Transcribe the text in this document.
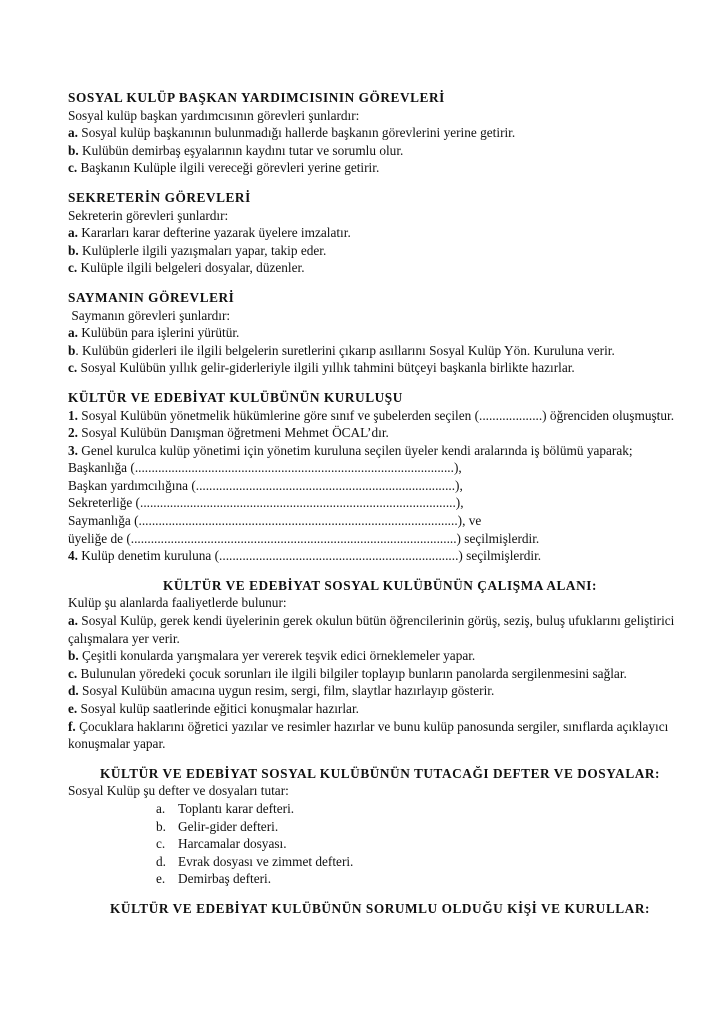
SOSYAL KULÜP BAŞKAN YARDIMCISININ GÖREVLERİ

Sosyal kulüp başkan yardımcısının görevleri şunlardır:

a. Sosyal kulüp başkanının bulunmadığı hallerde başkanın görevlerini yerine getirir.

b. Kulübün demirbaş eşyalarının kaydını tutar ve sorumlu olur.

c. Başkanın Kulüple ilgili vereceği görevleri yerine getirir.

SEKRETERİN GÖREVLERİ

Sekreterin görevleri şunlardır:

a. Kararları karar defterine yazarak üyelere imzalatır.

b. Kulüplerle ilgili yazışmaları yapar, takip eder.

c. Kulüple ilgili belgeleri dosyalar, düzenler.

SAYMANIN GÖREVLERİ

Saymanın görevleri şunlardır:

a. Kulübün para işlerini yürütür.

b. Kulübün giderleri ile ilgili belgelerin suretlerini çıkarıp asıllarını Sosyal Kulüp Yön. Kuruluna verir.

c. Sosyal Kulübün yıllık gelir-giderleriyle ilgili yıllık tahmini bütçeyi başkanla birlikte hazırlar.

KÜLTÜR VE EDEBİYAT KULÜBÜNÜN KURULUŞU

1. Sosyal Kulübün yönetmelik hükümlerine göre sınıf ve şubelerden seçilen (...................) öğrenciden oluşmuştur.

2. Sosyal Kulübün Danışman öğretmeni Mehmet ÖCAL’dır.

3. Genel kurulca kulüp yönetimi için yönetim kuruluna seçilen üyeler kendi aralarında iş bölümü yaparak;

Başkanlığa (................................................................................................),

Başkan yardımcılığına (..............................................................................),

Sekreterliğe (...............................................................................................),

Saymanlığa (................................................................................................), ve

üyeliğe de (..................................................................................................) seçilmişlerdir.

4. Kulüp denetim kuruluna (........................................................................) seçilmişlerdir.

KÜLTÜR VE EDEBİYAT SOSYAL KULÜBÜNÜN ÇALIŞMA ALANI:

Kulüp şu alanlarda faaliyetlerde bulunur:

a. Sosyal Kulüp, gerek kendi üyelerinin gerek okulun bütün öğrencilerinin görüş, seziş, buluş ufuklarını geliştirici çalışmalara yer verir.

b. Çeşitli konularda yarışmalara yer vererek teşvik edici örneklemeler yapar.

c. Bulunulan yöredeki çocuk sorunları ile ilgili bilgiler toplayıp bunların panolarda sergilenmesini sağlar.

d. Sosyal Kulübün amacına uygun resim, sergi, film, slaytlar hazırlayıp gösterir.

e. Sosyal kulüp saatlerinde eğitici konuşmalar hazırlar.

f. Çocuklara haklarını öğretici yazılar ve resimler hazırlar ve bunu kulüp panosunda sergiler, sınıflarda açıklayıcı konuşmalar yapar.

KÜLTÜR VE EDEBİYAT SOSYAL KULÜBÜNÜN TUTACAĞI DEFTER VE DOSYALAR:

Sosyal Kulüp şu defter ve dosyaları tutar:

a. Toplantı karar defteri.
b. Gelir-gider defteri.
c. Harcamalar dosyası.
d. Evrak dosyası ve zimmet defteri.
e. Demirbaş defteri.
KÜLTÜR VE EDEBİYAT KULÜBÜNÜN SORUMLU OLDUĞU KİŞİ VE KURULLAR:
